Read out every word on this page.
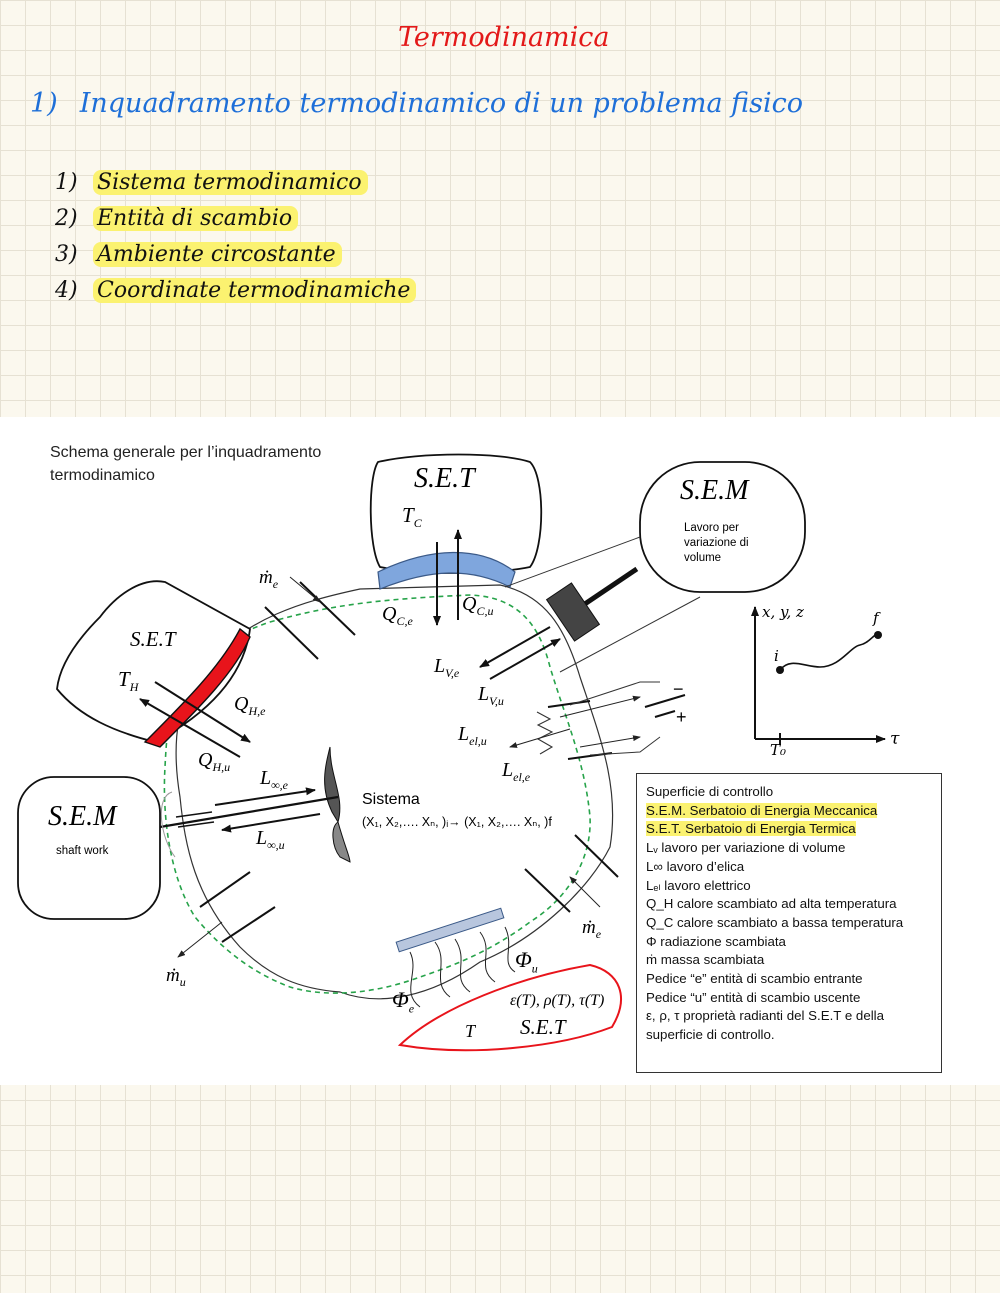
Termodinamica
1) Inquadramento termodinamico di un problema fisico
1) Sistema termodinamico
2) Entità di scambio
3) Ambiente circostante
4) Coordinate termodinamiche
Schema generale per l’inquadramento termodinamico	S.E.T
$T_C$
S.E.M
Lavoro per variazione di volume
S.E.T
$T_H$
S.E.M
shaft work
Sistema
(X₁, X₂,…. Xₙ, )ᵢ→ (X₁, X₂,…. Xₙ, )f
ṁ$_e$
$Q_{C,e}$
$Q_{C,u}$
$L_{V,e}$
$L_{V,u}$
$L_{el,u}$
$L_{el,e}$
$Q_{H,e}$
$Q_{H,u}$ $L_{\infty,e}$
$L_{\infty,u}$
ṁ$_u$
ṁ$_e$
$\Phi_e$
$\Phi_u$
−
+
ε(T), ρ(T), τ(T)
T S.E.T
x, y, z
τ
T₀
i
f
Superficie di controllo
S.E.M. Serbatoio di Energia Meccanica
S.E.T. Serbatoio di Energia Termica
Lᵥ lavoro per variazione di volume
L∞ lavoro d’elica
Lₑₗ lavoro elettrico
Q_H calore scambiato ad alta temperatura
Q_C calore scambiato a bassa temperatura
Φ radiazione scambiata
ṁ massa scambiata
Pedice “e” entità di scambio entrante
Pedice “u” entità di scambio uscente
ε, ρ, τ proprietà radianti del S.E.T e della superficie di controllo.
